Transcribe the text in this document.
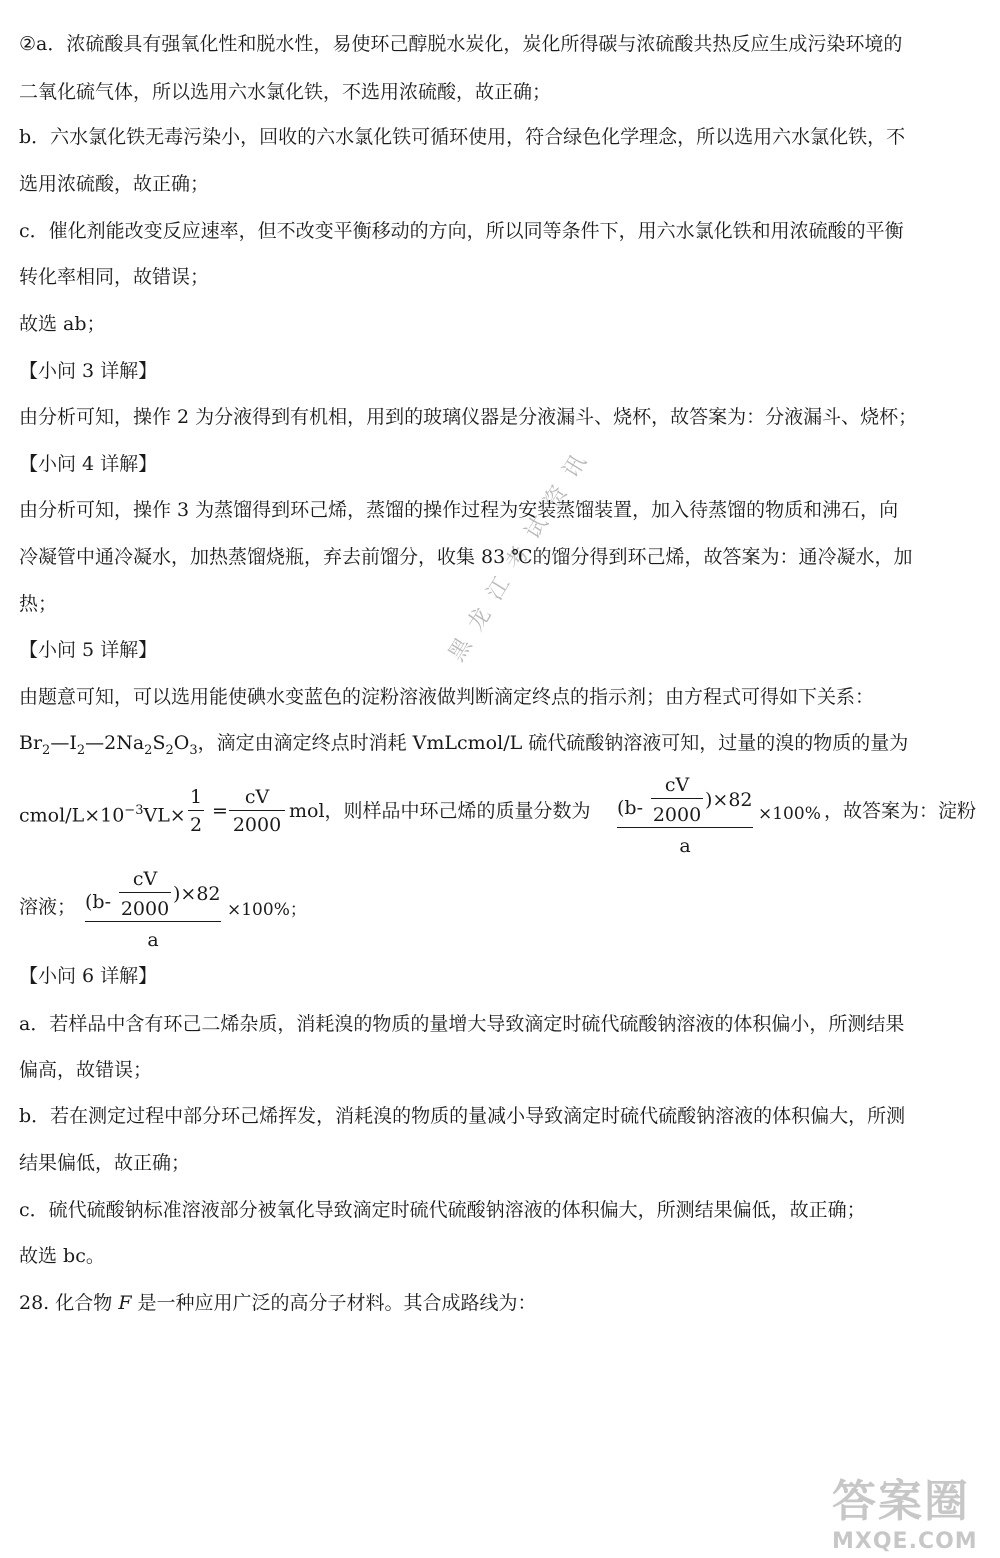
②a．浓硫酸具有强氧化性和脱水性，易使环己醇脱水炭化，炭化所得碳与浓硫酸共热反应生成污染环境的
二氧化硫气体，所以选用六水氯化铁，不选用浓硫酸，故正确；
b．六水氯化铁无毒污染小，回收的六水氯化铁可循环使用，符合绿色化学理念，所以选用六水氯化铁，不
选用浓硫酸，故正确；
c．催化剂能改变反应速率，但不改变平衡移动的方向，所以同等条件下，用六水氯化铁和用浓硫酸的平衡
转化率相同，故错误；
故选 ab；
【小问 3 详解】
由分析可知，操作 2 为分液得到有机相，用到的玻璃仪器是分液漏斗、烧杯，故答案为：分液漏斗、烧杯；
【小问 4 详解】
由分析可知，操作 3 为蒸馏得到环己烯，蒸馏的操作过程为安装蒸馏装置，加入待蒸馏的物质和沸石，向
冷凝管中通冷凝水，加热蒸馏烧瓶，弃去前馏分，收集 83 ℃的馏分得到环己烯，故答案为：通冷凝水，加
热；
【小问 5 详解】
由题意可知，可以选用能使碘水变蓝色的淀粉溶液做判断滴定终点的指示剂；由方程式可得如下关系：
$Br_2—I_2—2Na_2S_2O_3$，滴定由滴定终点时消耗 VmLcmol/L 硫代硫酸钠溶液可知，过量的溴的物质的量为
cmol/$L\times 10^{-3}VL\times$
1
2
=
cV
2000
mol，则样品中环己烯的质量分数为 (b-
cV
2000
)×82
a
×100% ，故答案为：淀粉
溶液； (b-
cV
2000
)×82
a
×100%；
【小问 6 详解】
a．若样品中含有环己二烯杂质，消耗溴的物质的量增大导致滴定时硫代硫酸钠溶液的体积偏小，所测结果
偏高，故错误；
b．若在测定过程中部分环己烯挥发，消耗溴的物质的量减小导致滴定时硫代硫酸钠溶液的体积偏大，所测
结果偏低，故正确；
c．硫代硫酸钠标准溶液部分被氧化导致滴定时硫代硫酸钠溶液的体积偏大，所测结果偏低，故正确；
故选 bc。
28. 化合物 F 是一种应用广泛的高分子材料。其合成路线为：
黑龙江考试资讯
答案圈
MXQE.COM
